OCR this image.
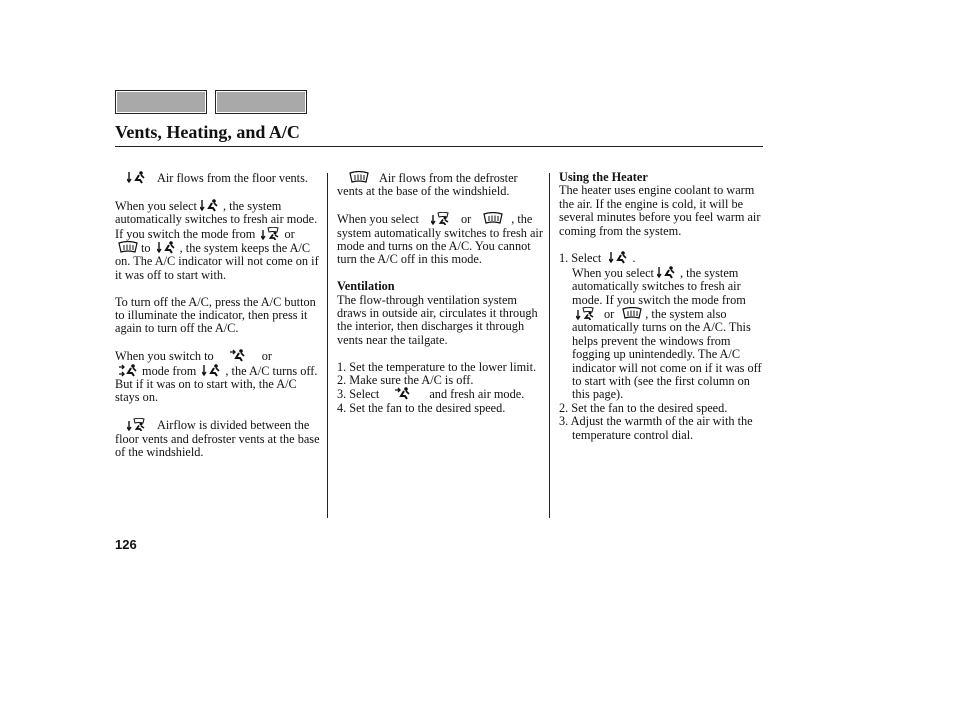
Vents, Heating, and A/C

Air flows from the floor vents.

When you select , the system automatically switches to fresh air mode. If you switch the mode from or
to , the system keeps the A/C on. The A/C indicator will not come on if it was off to start with.

To turn off the A/C, press the A/C button to illuminate the indicator, then press it again to turn off the A/C.

When you switch to	or

mode from , the A/C turns off. But if it was on to start with, the A/C stays on.

Airflow is divided between the floor vents and defroster vents at the base of the windshield.

Air flows from the defroster vents at the base of the windshield.

When you select	or	, the system automatically switches to fresh air mode and turns on the A/C. You cannot turn the A/C off in this mode.

Ventilation

The flow-through ventilation system draws in outside air, circulates it through the interior, then discharges it through vents near the tailgate.

1. Set the temperature to the lower limit.
2. Make sure the A/C is off.
3. Select	and fresh air mode.
4. Set the fan to the desired speed.
Using the Heater

The heater uses engine coolant to warm the air. If the engine is cold, it will be several minutes before you feel warm air coming from the system.

1. Select	.
When you select , the system automatically switches to fresh air mode. If you switch the mode from
or	, the system also automatically turns on the A/C. This helps prevent the windows from fogging up unintendedly. The A/C indicator will not come on if it was off to start with (see the first column on this page).
2. Set the fan to the desired speed.
3. Adjust the warmth of the air with the temperature control dial.
126
